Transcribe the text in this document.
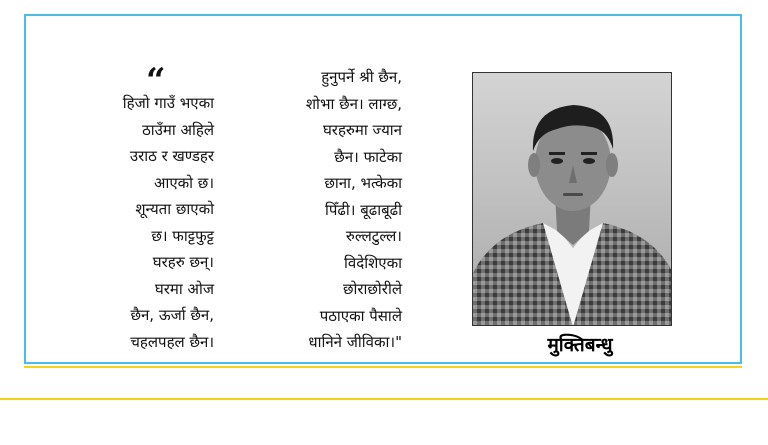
“
हिजो गाउँ भएका
ठाउँमा अहिले
उराठ र खण्डहर
आएको छ।
शून्यता छाएको
छ। फाट्टफुट्ट
घरहरु छन्।
घरमा ओज
छैन, ऊर्जा छैन,
चहलपहल छैन।
हुनुपर्ने श्री छैन,
शोभा छैन। लाग्छ,
घरहरुमा ज्यान
छैन। फाटेका
छाना, भत्केका
पिँढी। बूढाबूढी
रुल्लटुल्ल।
विदेशिएका
छोराछोरीले
पठाएका पैसाले
धानिने जीविका।"	मुक्तिबन्धु
